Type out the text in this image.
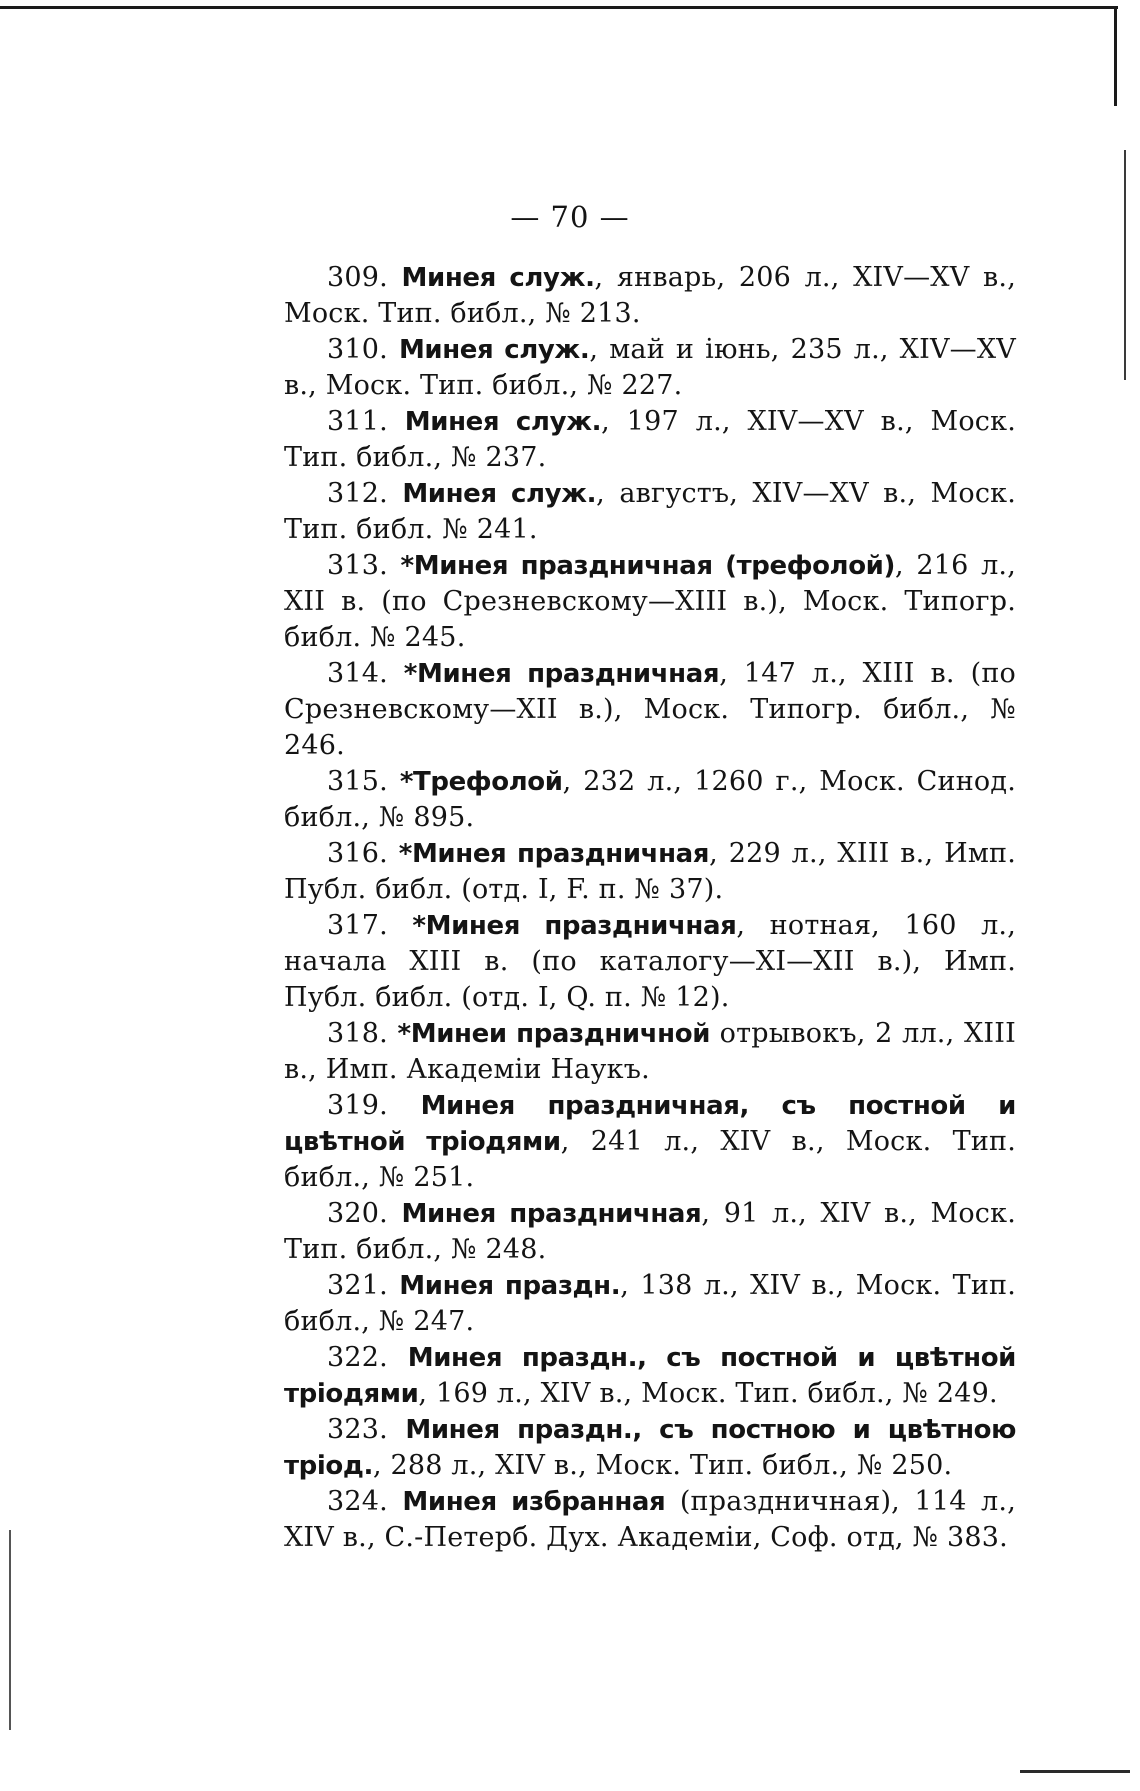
— 70 —

309. Минея служ., январь, 206 л., XIV—XV в., Моск. Тип. библ., № 213.

310. Минея служ., май и іюнь, 235 л., XIV—XV в., Моск. Тип. библ., № 227.

311. Минея служ., 197 л., XIV—XV в., Моск. Тип. библ., № 237.

312. Минея служ., августъ, XIV—XV в., Моск. Тип. библ. № 241.

313. *Минея праздничная (трефолой), 216 л., XII в. (по Срезневскому—XIII в.), Моск. Типогр. библ. № 245.

314. *Минея праздничная, 147 л., XIII в. (по Срезневскому—XII в.), Моск. Типогр. библ., № 246.

315. *Трефолой, 232 л., 1260 г., Моск. Синод. библ., № 895.

316. *Минея праздничная, 229 л., XIII в., Имп. Публ. библ. (отд. I, F. п. № 37).

317. *Минея праздничная, нотная, 160 л., начала XIII в. (по каталогу—XI—XII в.), Имп. Публ. библ. (отд. I, Q. п. № 12).

318. *Минеи праздничной отрывокъ, 2 лл., XIII в., Имп. Академіи Наукъ.

319. Минея праздничная, съ постной и цвѣтной тріодями, 241 л., XIV в., Моск. Тип. библ., № 251.

320. Минея праздничная, 91 л., XIV в., Моск. Тип. библ., № 248.

321. Минея праздн., 138 л., XIV в., Моск. Тип. библ., № 247.

322. Минея праздн., съ постной и цвѣтной тріодями, 169 л., XIV в., Моск. Тип. библ., № 249.

323. Минея праздн., съ постною и цвѣтною тріод., 288 л., XIV в., Моск. Тип. библ., № 250.

324. Минея избранная (праздничная), 114 л., XIV в., С.-Петерб. Дух. Академіи, Соф. отд, № 383.
